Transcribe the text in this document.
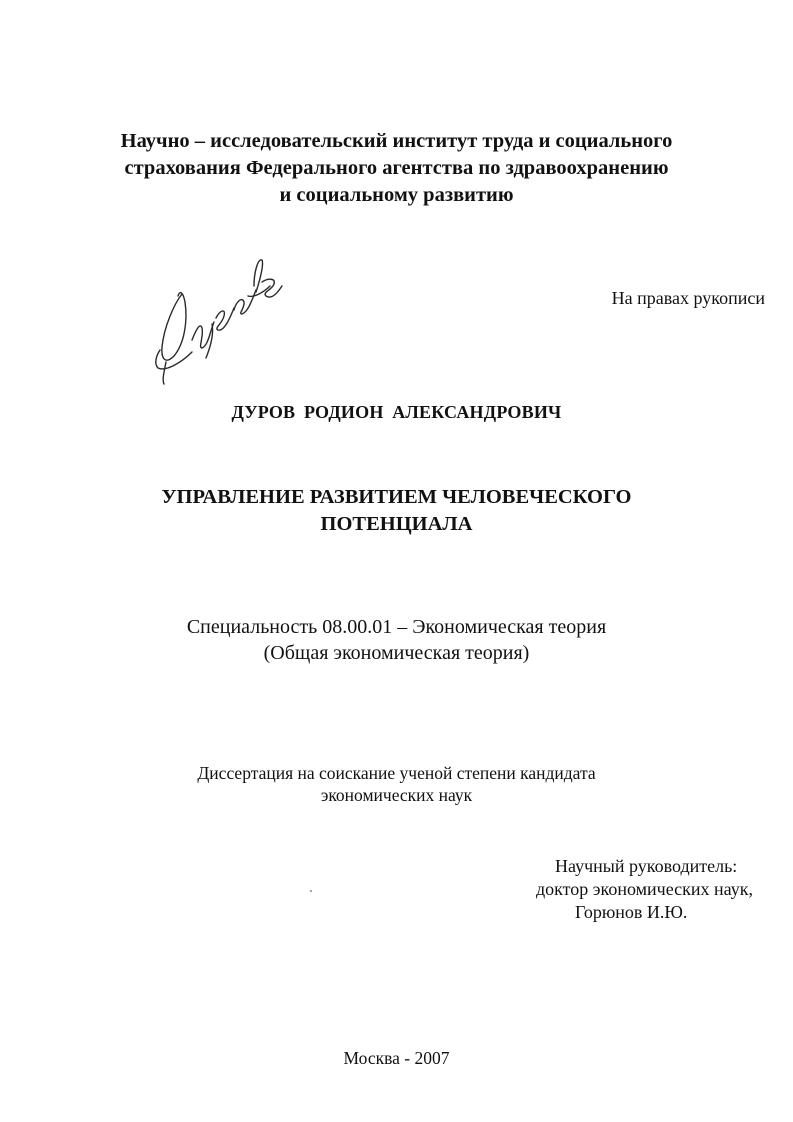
Научно – исследовательский институт труда и социального
страхования Федерального агентства по здравоохранению
и социальному развитию
На правах рукописи
ДУРОВ РОДИОН АЛЕКСАНДРОВИЧ
УПРАВЛЕНИЕ РАЗВИТИЕМ ЧЕЛОВЕЧЕСКОГО
ПОТЕНЦИАЛА
Специальность 08.00.01 – Экономическая теория
(Общая экономическая теория)
Диссертация на соискание ученой степени кандидата
экономических наук
Научный руководитель:
доктор экономических наук,
Горюнов И.Ю.
Москва - 2007
